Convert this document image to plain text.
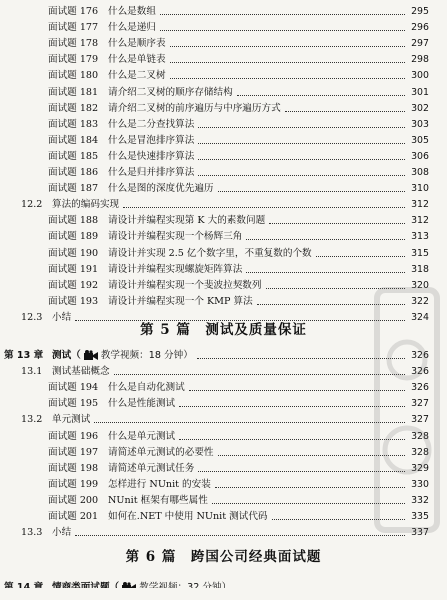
面试题 176 什么是数组	295
面试题 177 什么是递归	296
面试题 178 什么是顺序表	297
面试题 179 什么是单链表	298
面试题 180 什么是二叉树	300
面试题 181 请介绍二叉树的顺序存储结构	301
面试题 182 请介绍二叉树的前序遍历与中序遍历方式	302
面试题 183 什么是二分查找算法	303
面试题 184 什么是冒泡排序算法	305
面试题 185 什么是快速排序算法	306
面试题 186 什么是归并排序算法	308
面试题 187 什么是图的深度优先遍历	310
12.2 算法的编码实现	312
面试题 188 请设计并编程实现第 K 大的素数问题	312
面试题 189 请设计并编程实现一个杨辉三角	313
面试题 190 请设计并实现 2.5 亿个数字里，不重复数的个数	315
面试题 191 请设计并编程实现螺旋矩阵算法	318
面试题 192 请设计并编程实现一个斐波拉契数列	320
面试题 193 请设计并编程实现一个 KMP 算法	322
12.3 小结	324
第 5 篇　测试及质量保证
第 13 章 测试（ 教学视频：18 分钟）	326
13.1 测试基础概念	326
面试题 194 什么是自动化测试	326
面试题 195 什么是性能测试	327
13.2 单元测试	327
面试题 196 什么是单元测试	328
面试题 197 请简述单元测试的必要性	328
面试题 198 请简述单元测试任务	329
面试题 199 怎样进行 NUnit 的安装	330
面试题 200 NUnit 框架有哪些属性	332
面试题 201 如何在.NET 中使用 NUnit 测试代码	335
13.3 小结	337
第 6 篇　跨国公司经典面试题
